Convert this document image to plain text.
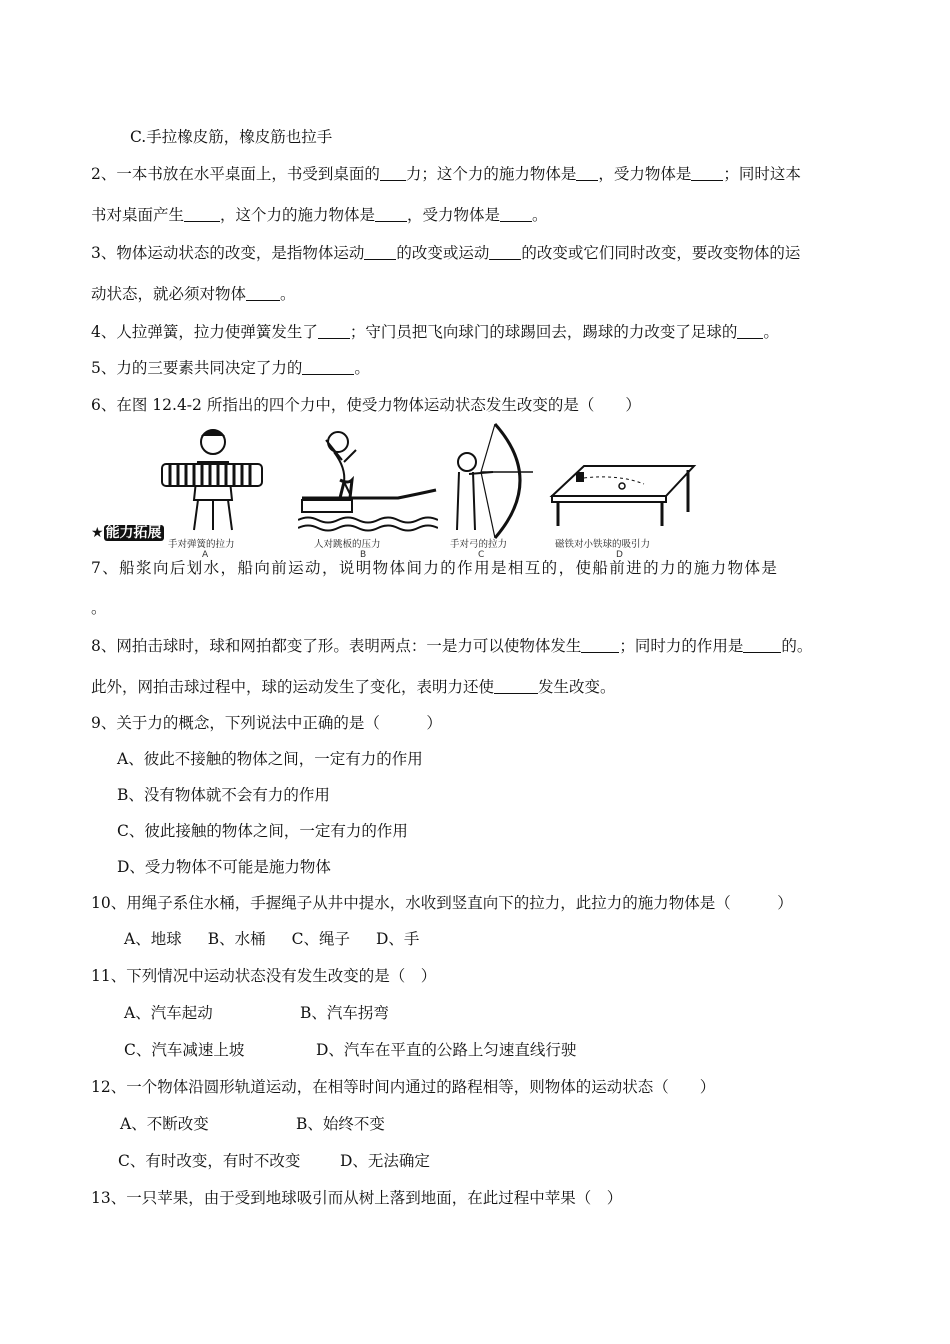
C.手拉橡皮筋，橡皮筋也拉手
2、一本书放在水平桌面上，书受到桌面的 力；这个力的施力物体是 ，受力物体是 ；同时这本
书对桌面产生 ，这个力的施力物体是 ，受力物体是 。
3、物体运动状态的改变，是指物体运动 的改变或运动 的改变或它们同时改变，要改变物体的运
动状态，就必须对物体 。
4、人拉弹簧，拉力使弹簧发生了 ；守门员把飞向球门的球踢回去，踢球的力改变了足球的 。
5、力的三要素共同决定了力的	。
6、在图 12.4-2 所指出的四个力中，使受力物体运动状态发生改变的是（　　）
手对弹簧的拉力
A
人对跳板的压力
B
手对弓的拉力
C
磁铁对小铁球的吸引力
D
★ 能力拓展
7、船浆向后划水，船向前运动，说明物体间力的作用是相互的，使船前进的力的施力物体是
。
8、网拍击球时，球和网拍都变了形。表明两点：一是力可以使物体发生 ；同时力的作用是 的。
此外，网拍击球过程中，球的运动发生了变化，表明力还使	发生改变。
9、关于力的概念，下列说法中正确的是（　　　）
A、彼此不接触的物体之间，一定有力的作用
B、没有物体就不会有力的作用
C、彼此接触的物体之间，一定有力的作用
D、受力物体不可能是施力物体
10、用绳子系住水桶，手握绳子从井中提水，水收到竖直向下的拉力，此拉力的施力物体是（　　　）
A、地球 B、水桶 C、绳子 D、手
11、下列情况中运动状态没有发生改变的是（　）
A、汽车起动	B、汽车拐弯
C、汽车减速上坡	D、汽车在平直的公路上匀速直线行驶
12、一个物体沿圆形轨道运动，在相等时间内通过的路程相等，则物体的运动状态（　　）
A、不断改变	B、始终不变
C、有时改变，有时不改变	D、无法确定
13、一只苹果，由于受到地球吸引而从树上落到地面，在此过程中苹果（　）
